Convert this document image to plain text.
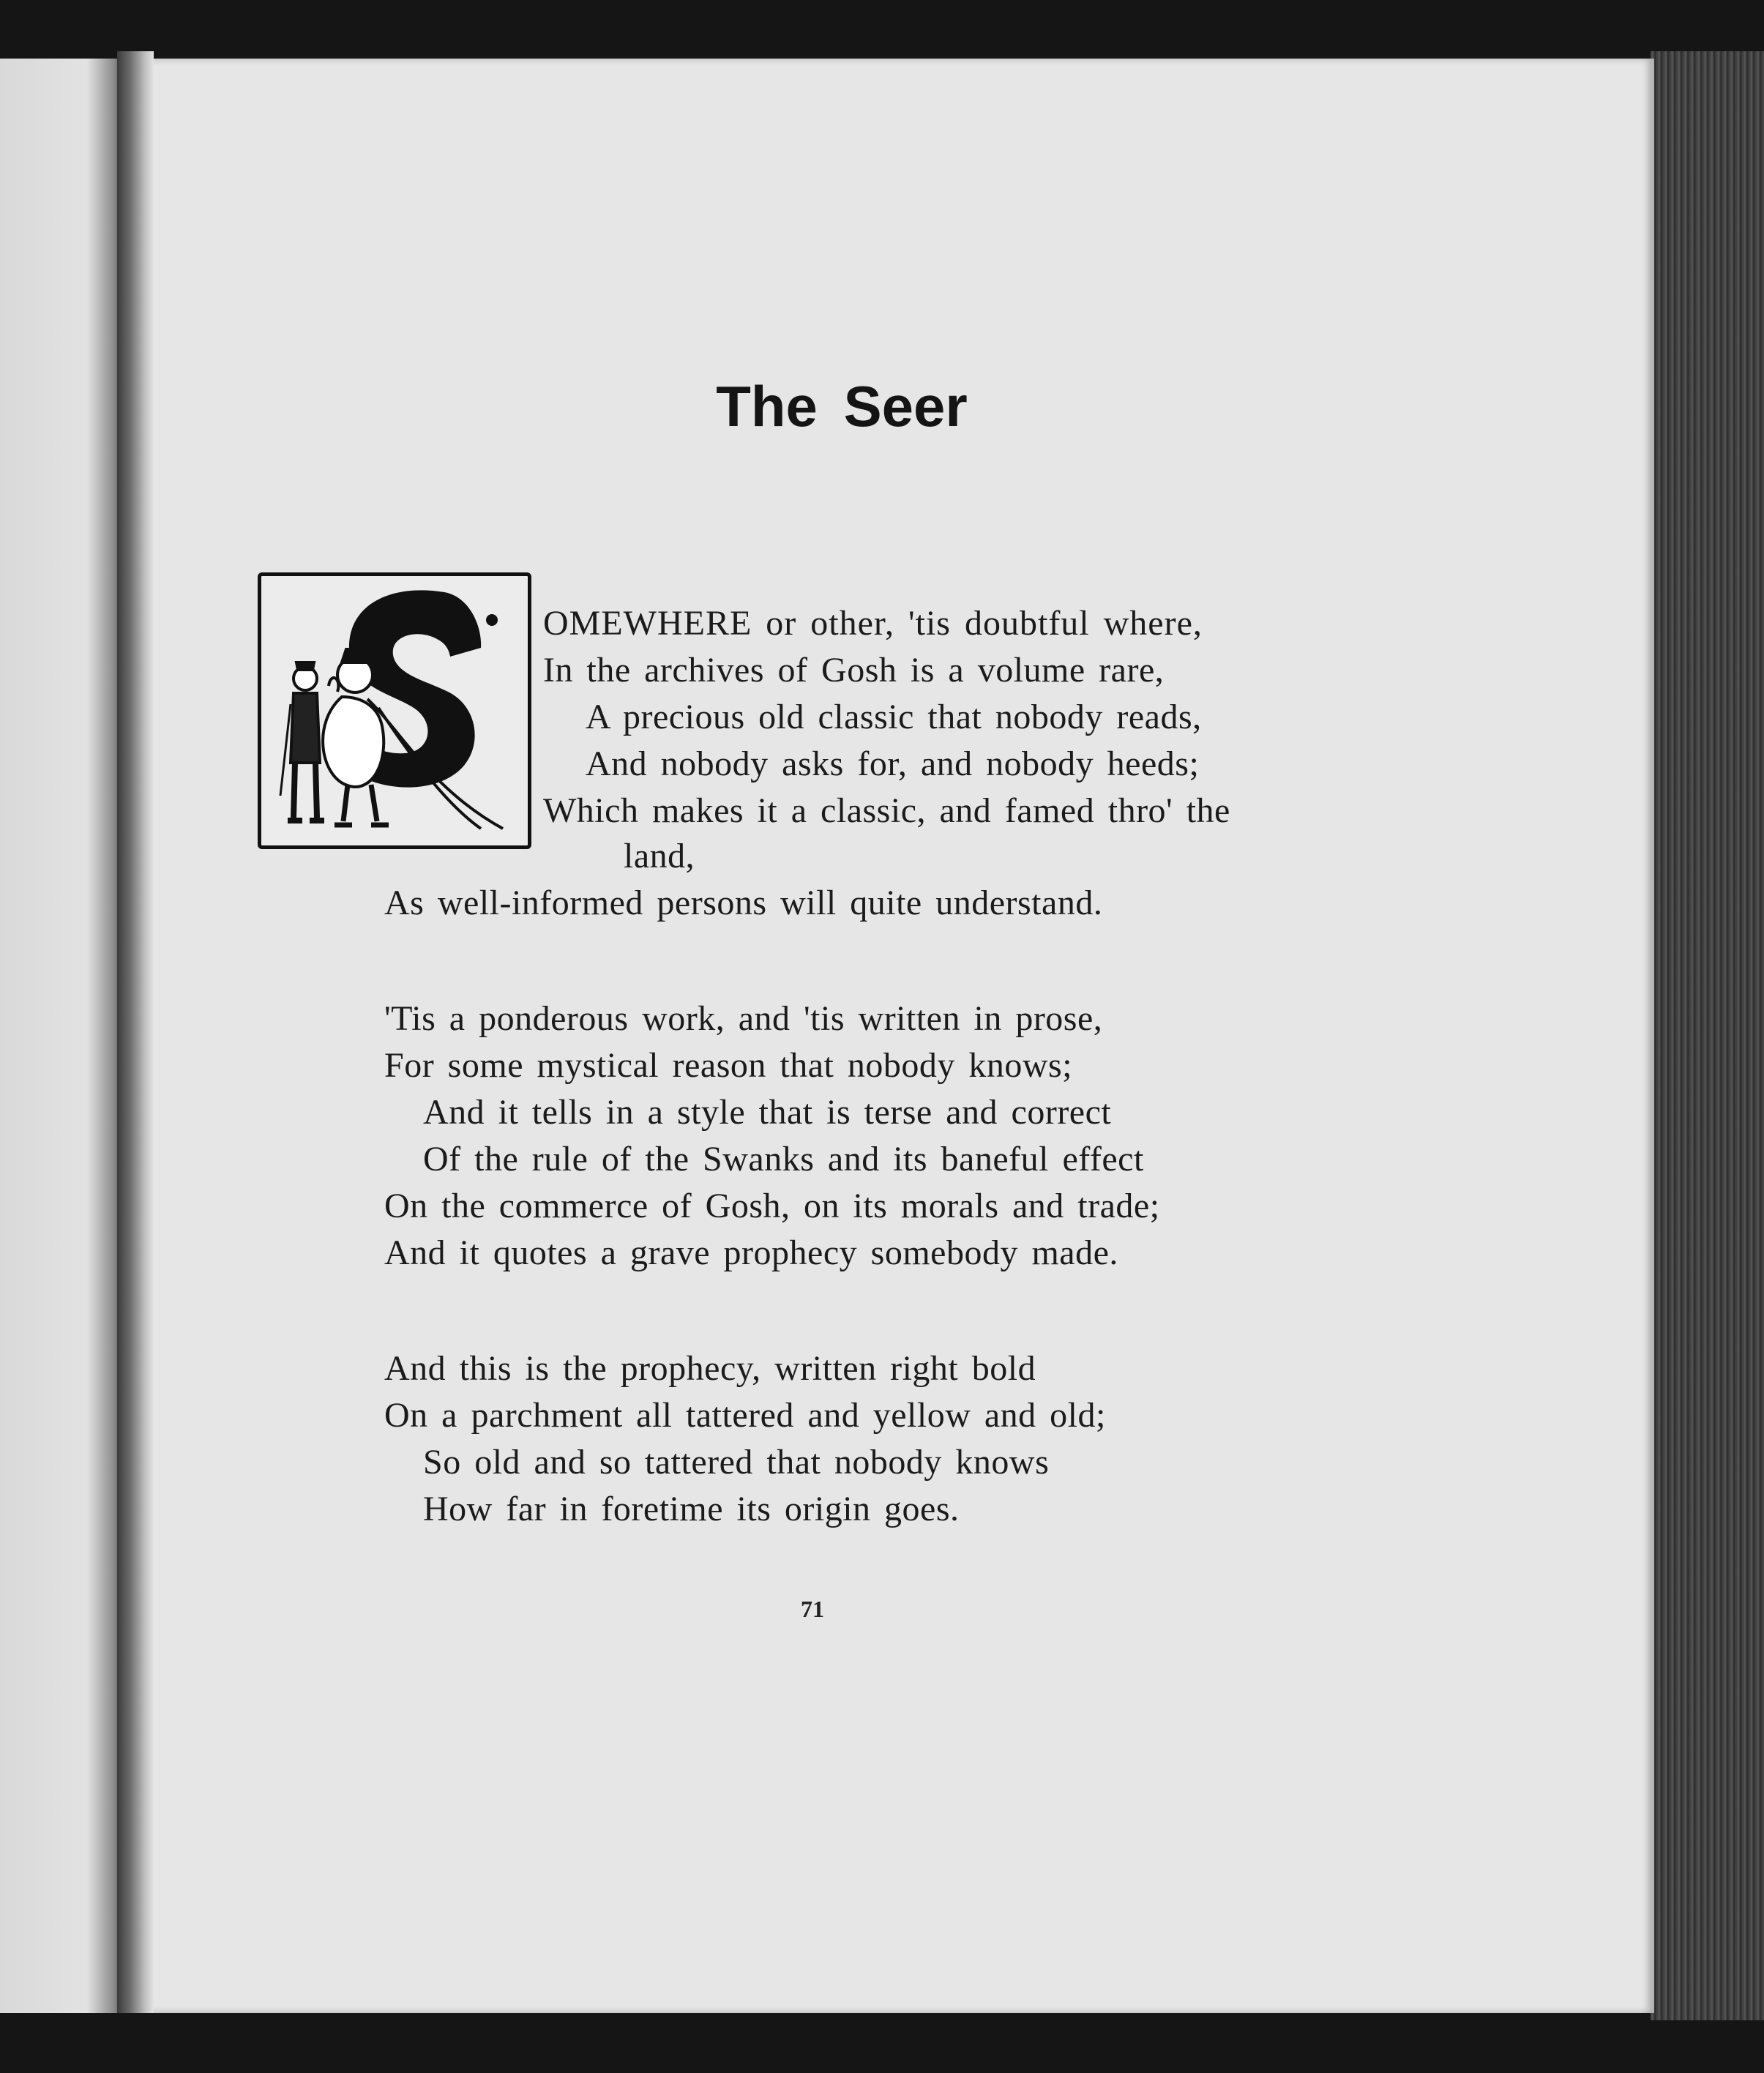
The Seer
OMEWHERE or other, 'tis doubtful where,
In the archives of Gosh is a volume rare,
A precious old classic that nobody reads,
And nobody asks for, and nobody heeds;
Which makes it a classic, and famed thro' the
land,
As well-informed persons will quite understand.
'Tis a ponderous work, and 'tis written in prose,
For some mystical reason that nobody knows;
And it tells in a style that is terse and correct
Of the rule of the Swanks and its baneful effect
On the commerce of Gosh, on its morals and trade;
And it quotes a grave prophecy somebody made.
And this is the prophecy, written right bold
On a parchment all tattered and yellow and old;
So old and so tattered that nobody knows
How far in foretime its origin goes.
71
